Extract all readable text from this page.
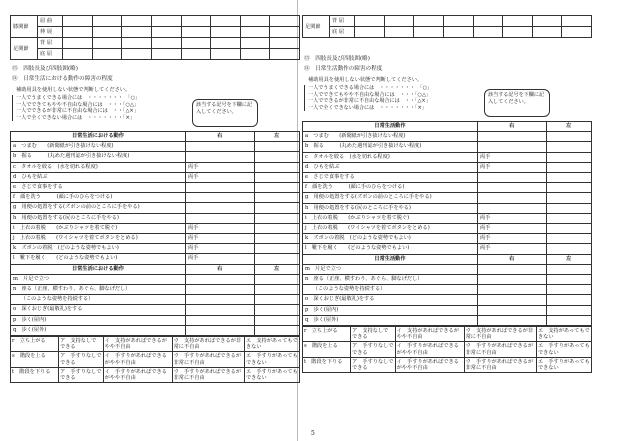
膝関節	屈 曲								
	伸 展								
足関節	背 屈								
	底 屈								
⑬　四肢長及び四肢囲(略)
⑭　日常生活における動作の障害の程度
補助用具を使用しない状態で判断してください。
一人でうまくできる場合には　・・・・・・・　「○」
一人でできてもやや不自由な場合には　・・・「○△」
一人でできるが非常に不自由な場合には　・・「△×」
一人で全くできない場合には　・・・・・・・「×」
該当する記号を下欄に記入してください。
日常生活における動作	右	左
a　つまむ　　 (新聞紙が引き抜けない程度)		
b　握る　　　 (丸めた週刊誌が引き抜けない程度)		
c　タオルを絞る　 (水を切れる程度)	両手	
d　ひもを結ぶ	両手	
e　さじで食事をする		
f　顔を洗う　　　 (顔に手のひらをつける)		
g　用便の処置をする(ズボンの前のところに手をやる)		
h　用便の処置をする(尻のところに手をやる)		
i　上衣の着脱　　 (かぶりシャツを着て脱ぐ)	両手	
j　上衣の着脱　　 (ワイシャツを着てボタンをとめる)	両手	
k　ズボンの着脱　 (どのような姿勢でもよい)	両手	
l　靴下を履く　　 (どのような姿勢でもよい)	両手	
日常生活における動作	右	左
m　片足で立つ		
n　座る（正座、横すわり、あぐら、脚なげだし）		
　　（このような姿勢を持続する）		
o　深くおじぎ(最敬礼)をする		
p　歩く(屋内)		
q　歩く(屋外)		
r　立ち上がる	ア　支持なしで できる	イ　支持があればできるがやや不自由	ウ　支持があればできるが非常に不自由	エ　支持があってもできない
s　階段を上る	ア　手すりなしでできる	イ　手すりがあればできるがやや不自由	ウ　手すりがあればできるが非常に不自由	エ　手すりがあってもできない
t　階段を下りる	ア　手すりなしでできる	イ　手すりがあればできるがやや不自由	ウ　手すりがあればできるが非常に不自由	エ　手すりがあってもできない
足関節	背 屈								
	底 屈								
⑬　四肢長及び四肢囲(略)
⑭　日常生活動作の障害の程度
補助用具を使用しない状態で判断してください。
一人でうまくできる場合には　・・・・・・・　「○」
一人でできてもやや不自由な場合には　・・・「○△」
一人でできるが非常に不自由な場合には　・・「△×」
一人で全くできない場合には　・・・・・・・「×」
該当する記号を下欄に記入してください。
日常生活動作	右	左
a　つまむ　　 (新聞紙が引き抜けない程度)		
b　握る　　　 (丸めた週刊誌が引き抜けない程度)		
c　タオルを絞る　 (水を切れる程度)	両手	
d　ひもを結ぶ	両手	
e　さじで食事をする		
f　顔を洗う　　　 (顔に手のひらをつける)		
g　用便の処置をする(ズボンの前のところに手をやる)		
h　用便の処置をする(尻のところに手をやる)		
i　上衣の着脱　　 (かぶりシャツを着て脱ぐ)	両手	
j　上衣の着脱　　 (ワイシャツを着てボタンをとめる)	両手	
k　ズボンの着脱　 (どのような姿勢でもよい)	両手	
l　靴下を履く　　 (どのような姿勢でもよい)	両手	
日常生活動作	右	左
m　片足で立つ		
n　座る（正座、横すわり、あぐら、脚なげだし）		
　　（このような姿勢を持続する）		
o　深くおじぎ(最敬礼)をする		
p　歩く(屋内)		
q　歩く(屋外)		
r　立ち上がる	ア　支持なしで できる	イ　支持があればできるがやや不自由	ウ　支持があればできるが非常に不自由	エ　支持があってもできない
s　階段を上る	ア　手すりなしでできる	イ　手すりがあればできるがやや不自由	ウ　手すりがあればできるが非常に不自由	エ　手すりがあってもできない
t　階段を下りる	ア　手すりなしでできる	イ　手すりがあればできるがやや不自由	ウ　手すりがあればできるが非常に不自由	エ　手すりがあってもできない
5
